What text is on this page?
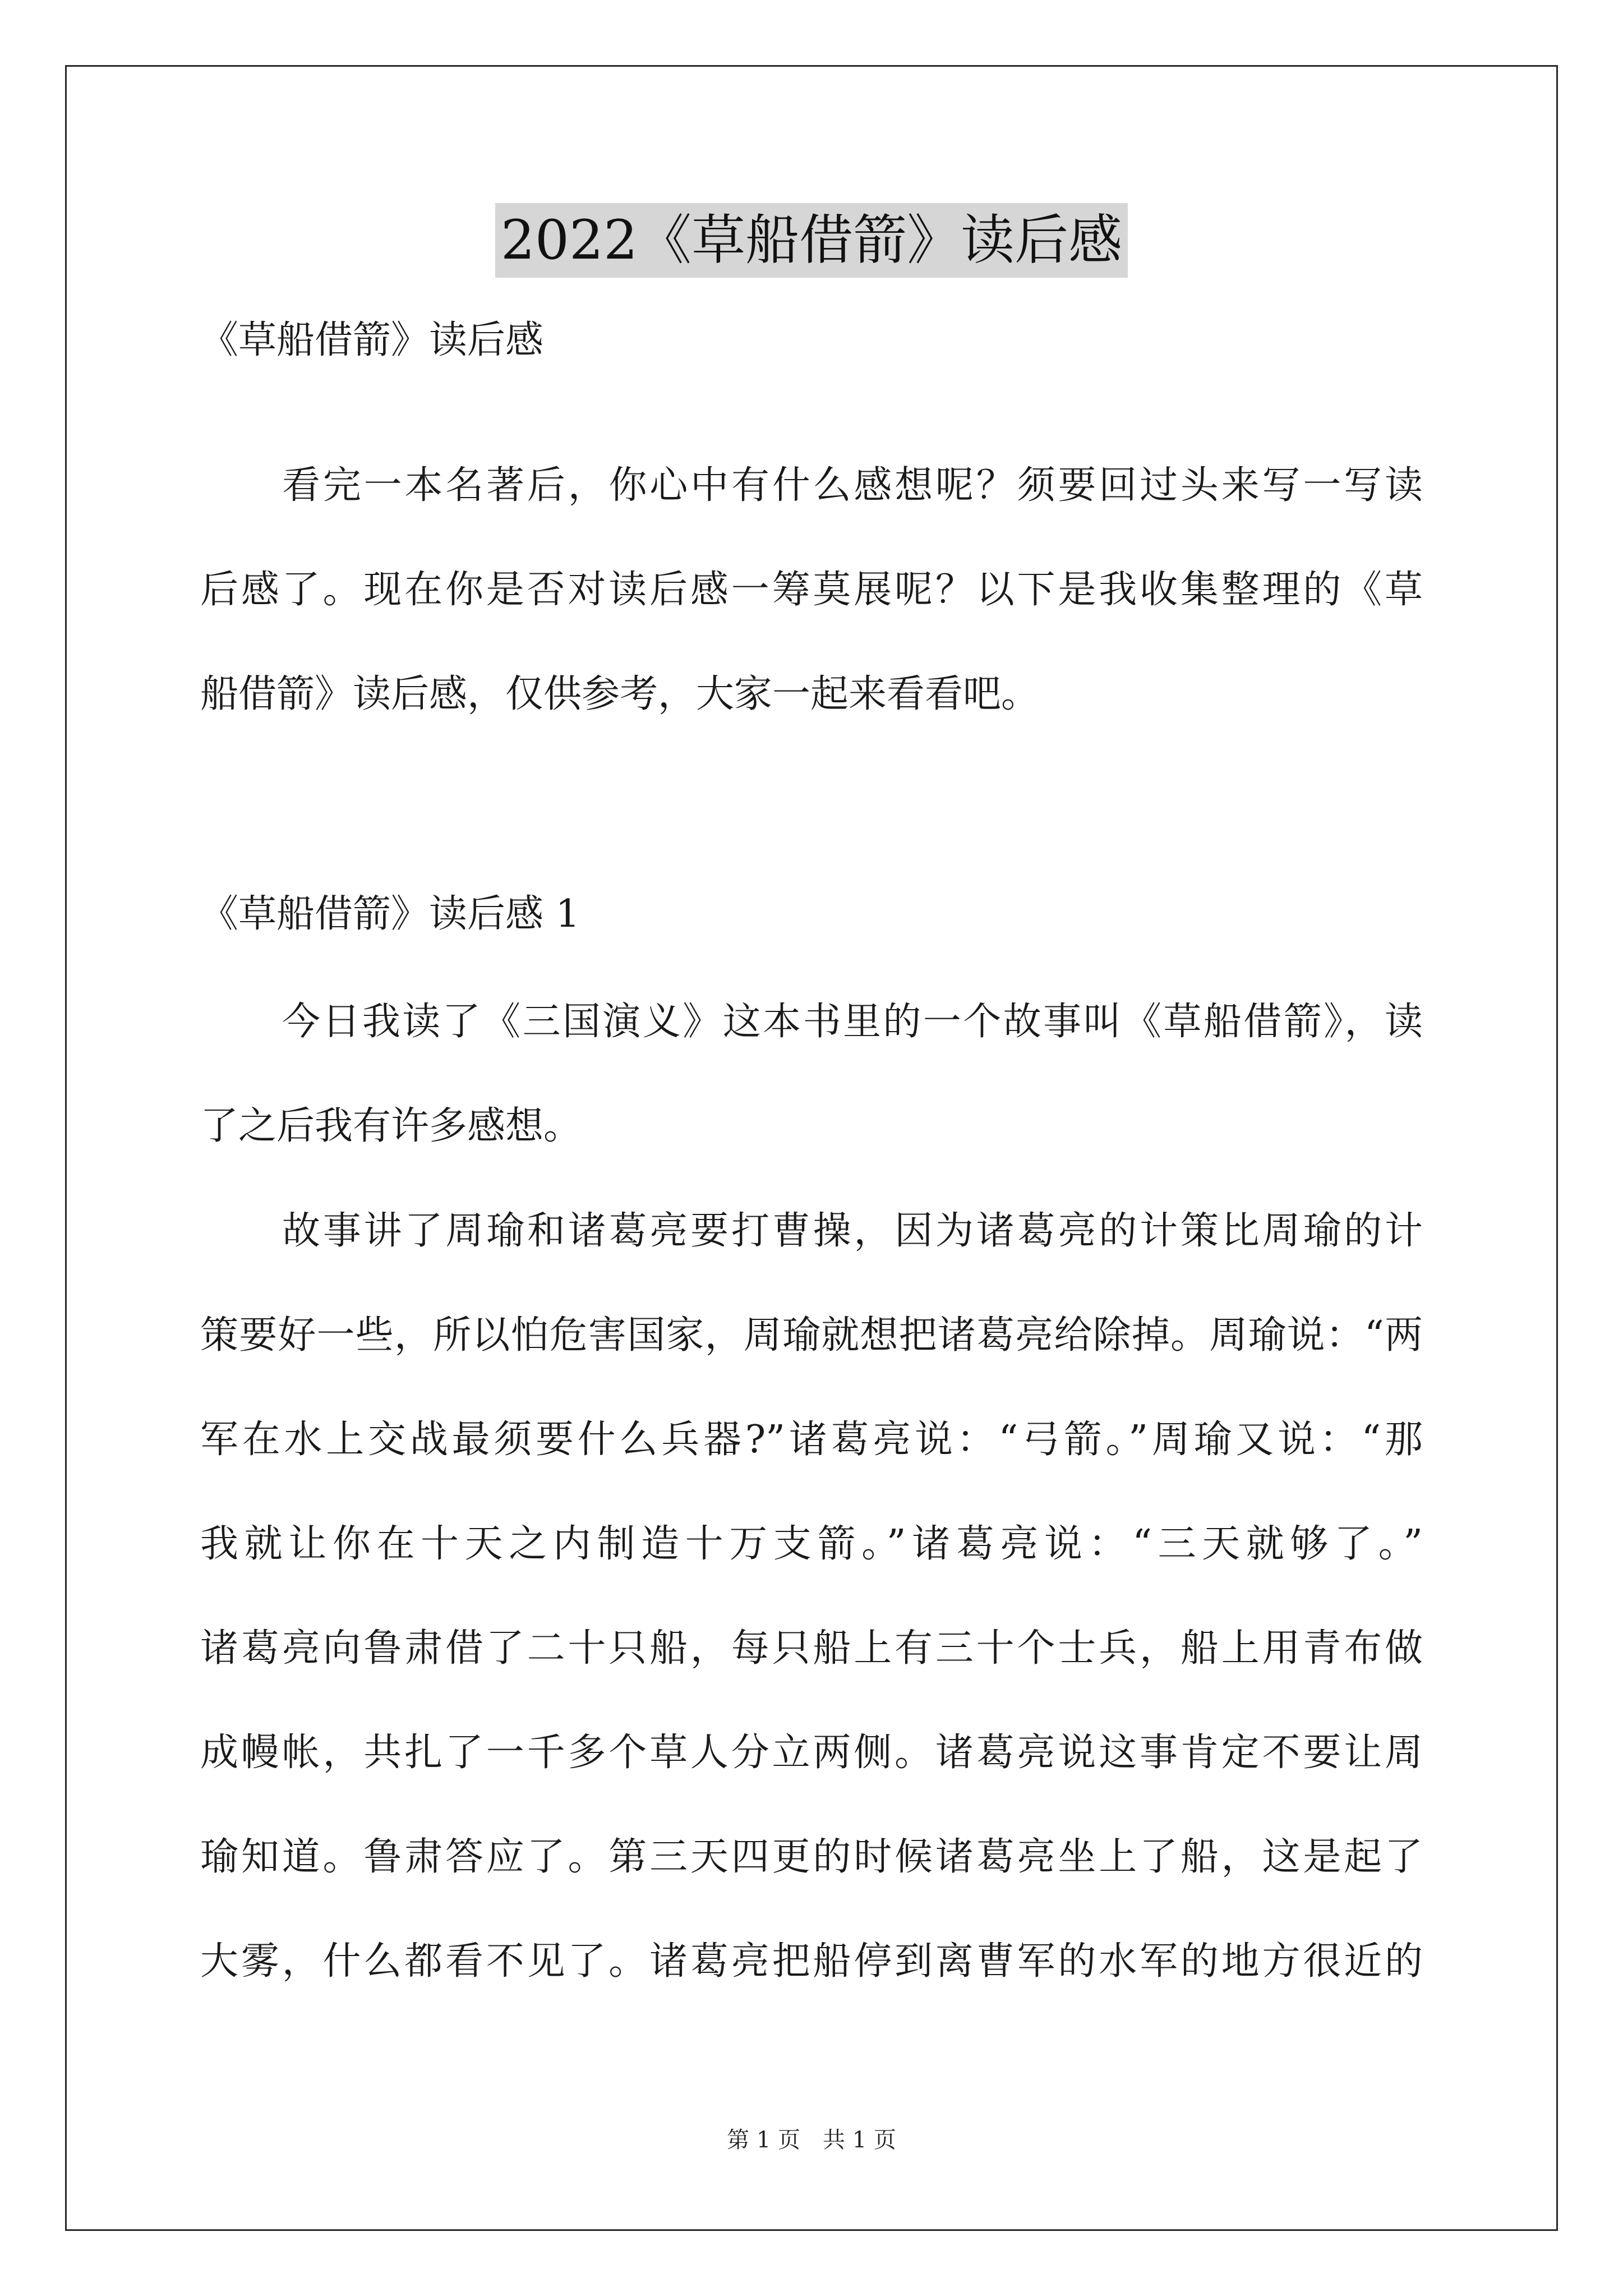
2022《草船借箭》读后感

《草船借箭》读后感

看完一本名著后，你心中有什么感想呢？须要回过头来写一写读

后感了。现在你是否对读后感一筹莫展呢？以下是我收集整理的《草

船借箭》读后感，仅供参考，大家一起来看看吧。

《草船借箭》读后感 1

今日我读了《三国演义》这本书里的一个故事叫《草船借箭》，读

了之后我有许多感想。

故事讲了周瑜和诸葛亮要打曹操，因为诸葛亮的计策比周瑜的计

策要好一些，所以怕危害国家，周瑜就想把诸葛亮给除掉。周瑜说：“两

军在水上交战最须要什么兵器?”诸葛亮说：“弓箭。”周瑜又说：“那

我就让你在十天之内制造十万支箭。”诸葛亮说：“三天就够了。”

诸葛亮向鲁肃借了二十只船，每只船上有三十个士兵，船上用青布做

成幔帐，共扎了一千多个草人分立两侧。诸葛亮说这事肯定不要让周

瑜知道。鲁肃答应了。第三天四更的时候诸葛亮坐上了船，这是起了

大雾，什么都看不见了。诸葛亮把船停到离曹军的水军的地方很近的

第 1 页　共 1 页
